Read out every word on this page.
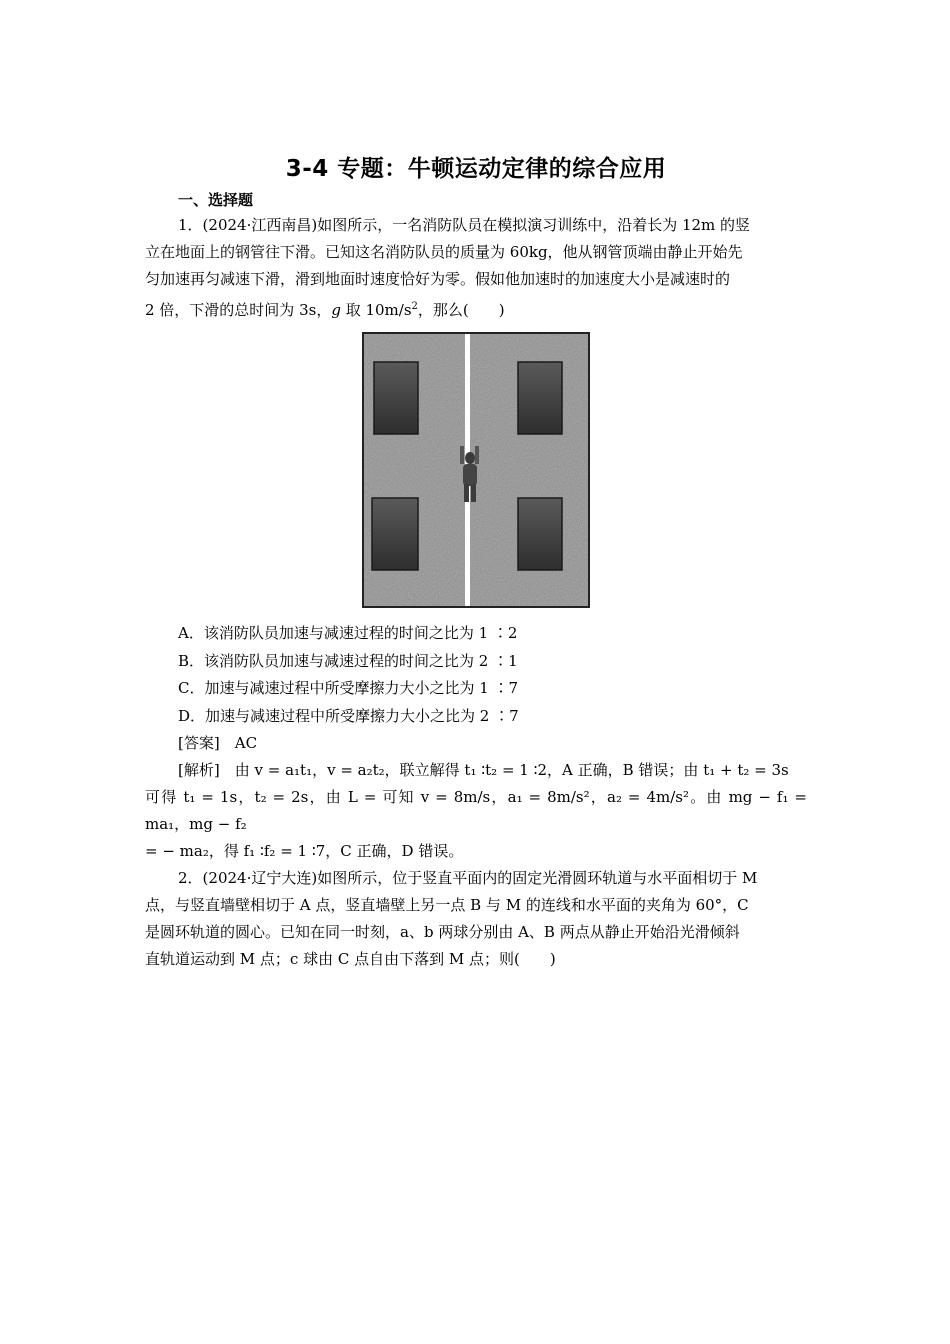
3-4 专题：牛顿运动定律的综合应用

一、选择题

1．(2024·江西南昌)如图所示，一名消防队员在模拟演习训练中，沿着长为 12m 的竖

立在地面上的钢管往下滑。已知这名消防队员的质量为 60kg，他从钢管顶端由静止开始先

匀加速再匀减速下滑，滑到地面时速度恰好为零。假如他加速时的加速度大小是减速时的

2 倍，下滑的总时间为 3s，g 取 $10m/s^2$，那么(　　)

A．该消防队员加速与减速过程的时间之比为 1 ∶2

B．该消防队员加速与减速过程的时间之比为 2 ∶1

C．加速与减速过程中所受摩擦力大小之比为 1 ∶7

D．加速与减速过程中所受摩擦力大小之比为 2 ∶7

[答案]　 AC

[解析]　 由 v = a₁t₁，v = a₂t₂，联立解得 t₁ ∶t₂ = 1 ∶2，A 正确，B 错误；由 t₁ + t₂ = 3s

可得 t₁ = 1s，t₂ = 2s，由 L = 可知 v = 8m/s，a₁ = 8m/s²，a₂ = 4m/s²。由 mg − f₁ = ma₁，mg − f₂

= − ma₂，得 f₁ ∶f₂ = 1 ∶7，C 正确，D 错误。

2．(2024·辽宁大连)如图所示，位于竖直平面内的固定光滑圆环轨道与水平面相切于 M

点，与竖直墙壁相切于 A 点，竖直墙壁上另一点 B 与 M 的连线和水平面的夹角为 60°，C

是圆环轨道的圆心。已知在同一时刻，a、b 两球分别由 A、B 两点从静止开始沿光滑倾斜

直轨道运动到 M 点；c 球由 C 点自由下落到 M 点；则(　　)
